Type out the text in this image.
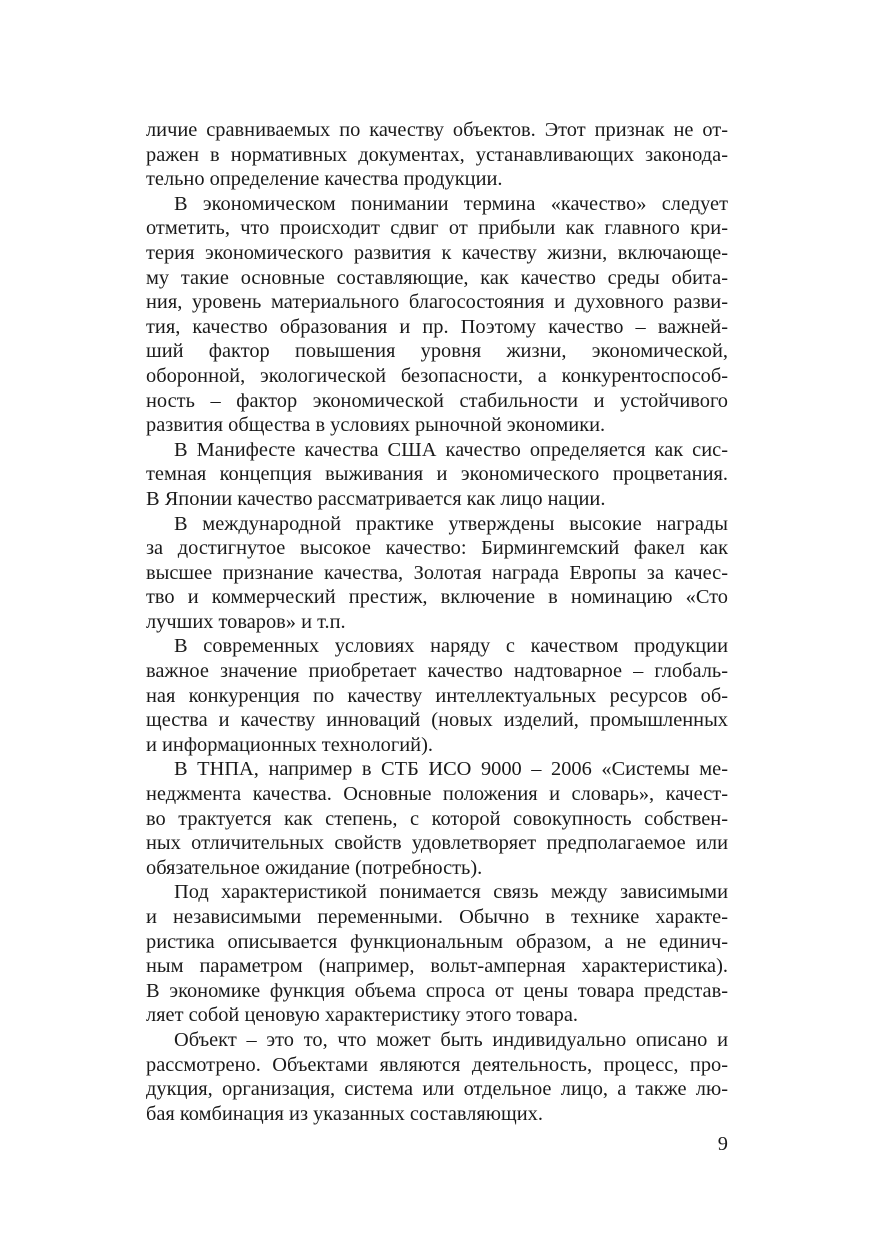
личие сравниваемых по качеству объектов. Этот признак не от-
ражен в нормативных документах, устанавливающих законода-
тельно определение качества продукции.
В экономическом понимании термина «качество» следует
отметить, что происходит сдвиг от прибыли как главного кри-
терия экономического развития к качеству жизни, включающе-
му такие основные составляющие, как качество среды обита-
ния, уровень материального благосостояния и духовного разви-
тия, качество образования и пр. Поэтому качество – важней-
ший фактор повышения уровня жизни, экономической,
оборонной, экологической безопасности, а конкурентоспособ-
ность – фактор экономической стабильности и устойчивого
развития общества в условиях рыночной экономики.
В Манифесте качества США качество определяется как сис-
темная концепция выживания и экономического процветания.
В Японии качество рассматривается как лицо нации.
В международной практике утверждены высокие награды
за достигнутое высокое качество: Бирмингемский факел как
высшее признание качества, Золотая награда Европы за качес-
тво и коммерческий престиж, включение в номинацию «Сто
лучших товаров» и т.п.
В современных условиях наряду с качеством продукции
важное значение приобретает качество надтоварное – глобаль-
ная конкуренция по качеству интеллектуальных ресурсов об-
щества и качеству инноваций (новых изделий, промышленных
и информационных технологий).
В ТНПА, например в СТБ ИСО 9000 – 2006 «Системы ме-
неджмента качества. Основные положения и словарь», качест-
во трактуется как степень, с которой совокупность собствен-
ных отличительных свойств удовлетворяет предполагаемое или
обязательное ожидание (потребность).
Под характеристикой понимается связь между зависимыми
и независимыми переменными. Обычно в технике характе-
ристика описывается функциональным образом, а не единич-
ным параметром (например, вольт-амперная характеристика).
В экономике функция объема спроса от цены товара представ-
ляет собой ценовую характеристику этого товара.
Объект – это то, что может быть индивидуально описано и
рассмотрено. Объектами являются деятельность, процесс, про-
дукция, организация, система или отдельное лицо, а также лю-
бая комбинация из указанных составляющих.
9
